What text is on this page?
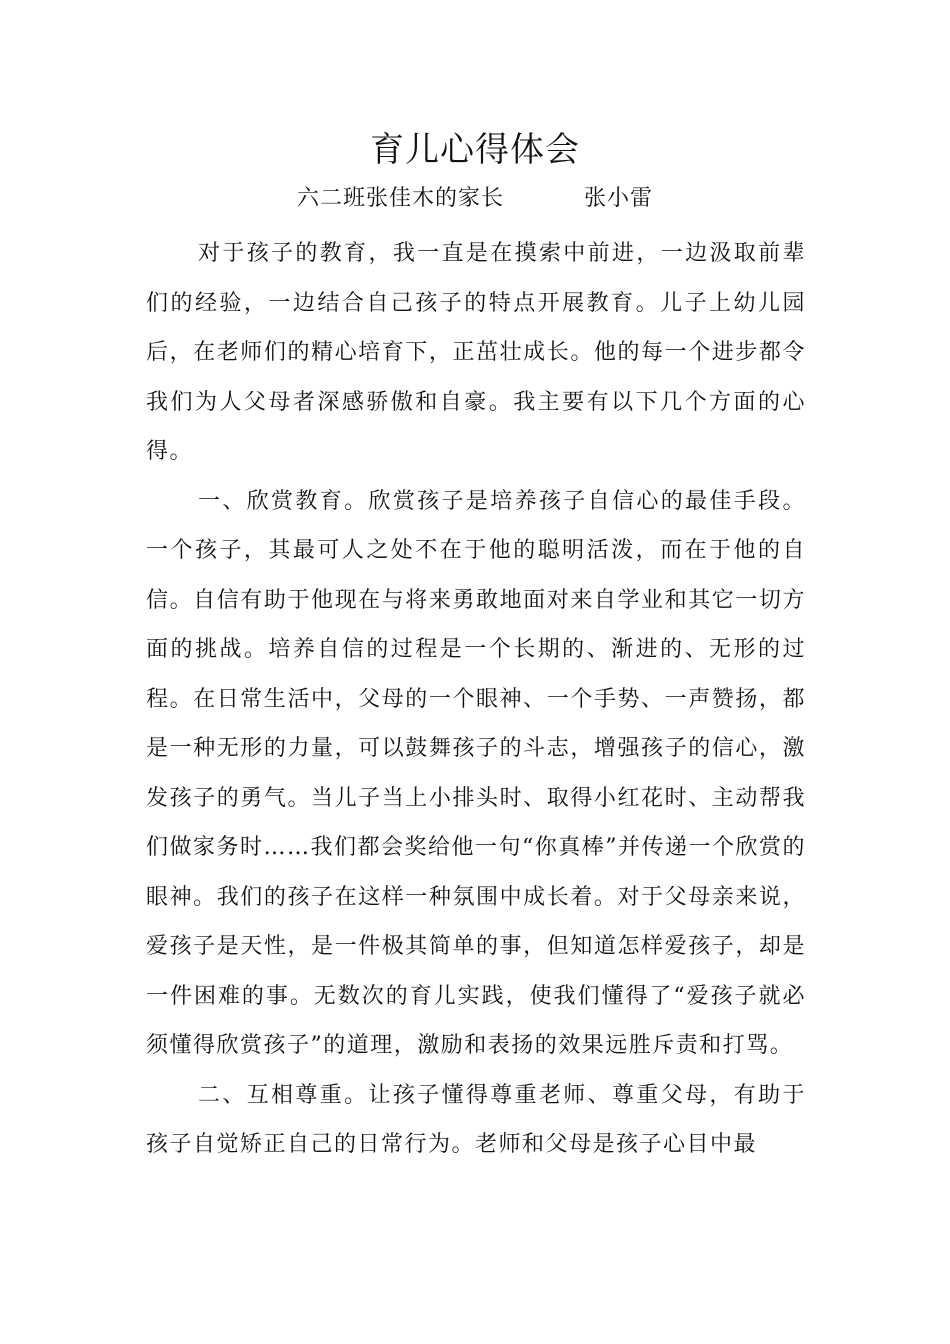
育儿心得体会
六二班张佳木的家长	张小雷

对于孩子的教育，我一直是在摸索中前进，一边汲取前辈们的经验，一边结合自己孩子的特点开展教育。儿子上幼儿园后，在老师们的精心培育下，正茁壮成长。他的每一个进步都令我们为人父母者深感骄傲和自豪。我主要有以下几个方面的心得。

一、欣赏教育。欣赏孩子是培养孩子自信心的最佳手段。一个孩子，其最可人之处不在于他的聪明活泼，而在于他的自信。自信有助于他现在与将来勇敢地面对来自学业和其它一切方面的挑战。培养自信的过程是一个长期的、渐进的、无形的过程。在日常生活中，父母的一个眼神、一个手势、一声赞扬，都是一种无形的力量，可以鼓舞孩子的斗志，增强孩子的信心，激发孩子的勇气。当儿子当上小排头时、取得小红花时、主动帮我们做家务时……我们都会奖给他一句“你真棒”并传递一个欣赏的眼神。我们的孩子在这样一种氛围中成长着。对于父母亲来说，爱孩子是天性，是一件极其简单的事，但知道怎样爱孩子，却是一件困难的事。无数次的育儿实践，使我们懂得了“爱孩子就必须懂得欣赏孩子”的道理，激励和表扬的效果远胜斥责和打骂。

二、互相尊重。让孩子懂得尊重老师、尊重父母，有助于孩子自觉矫正自己的日常行为。老师和父母是孩子心目中最
